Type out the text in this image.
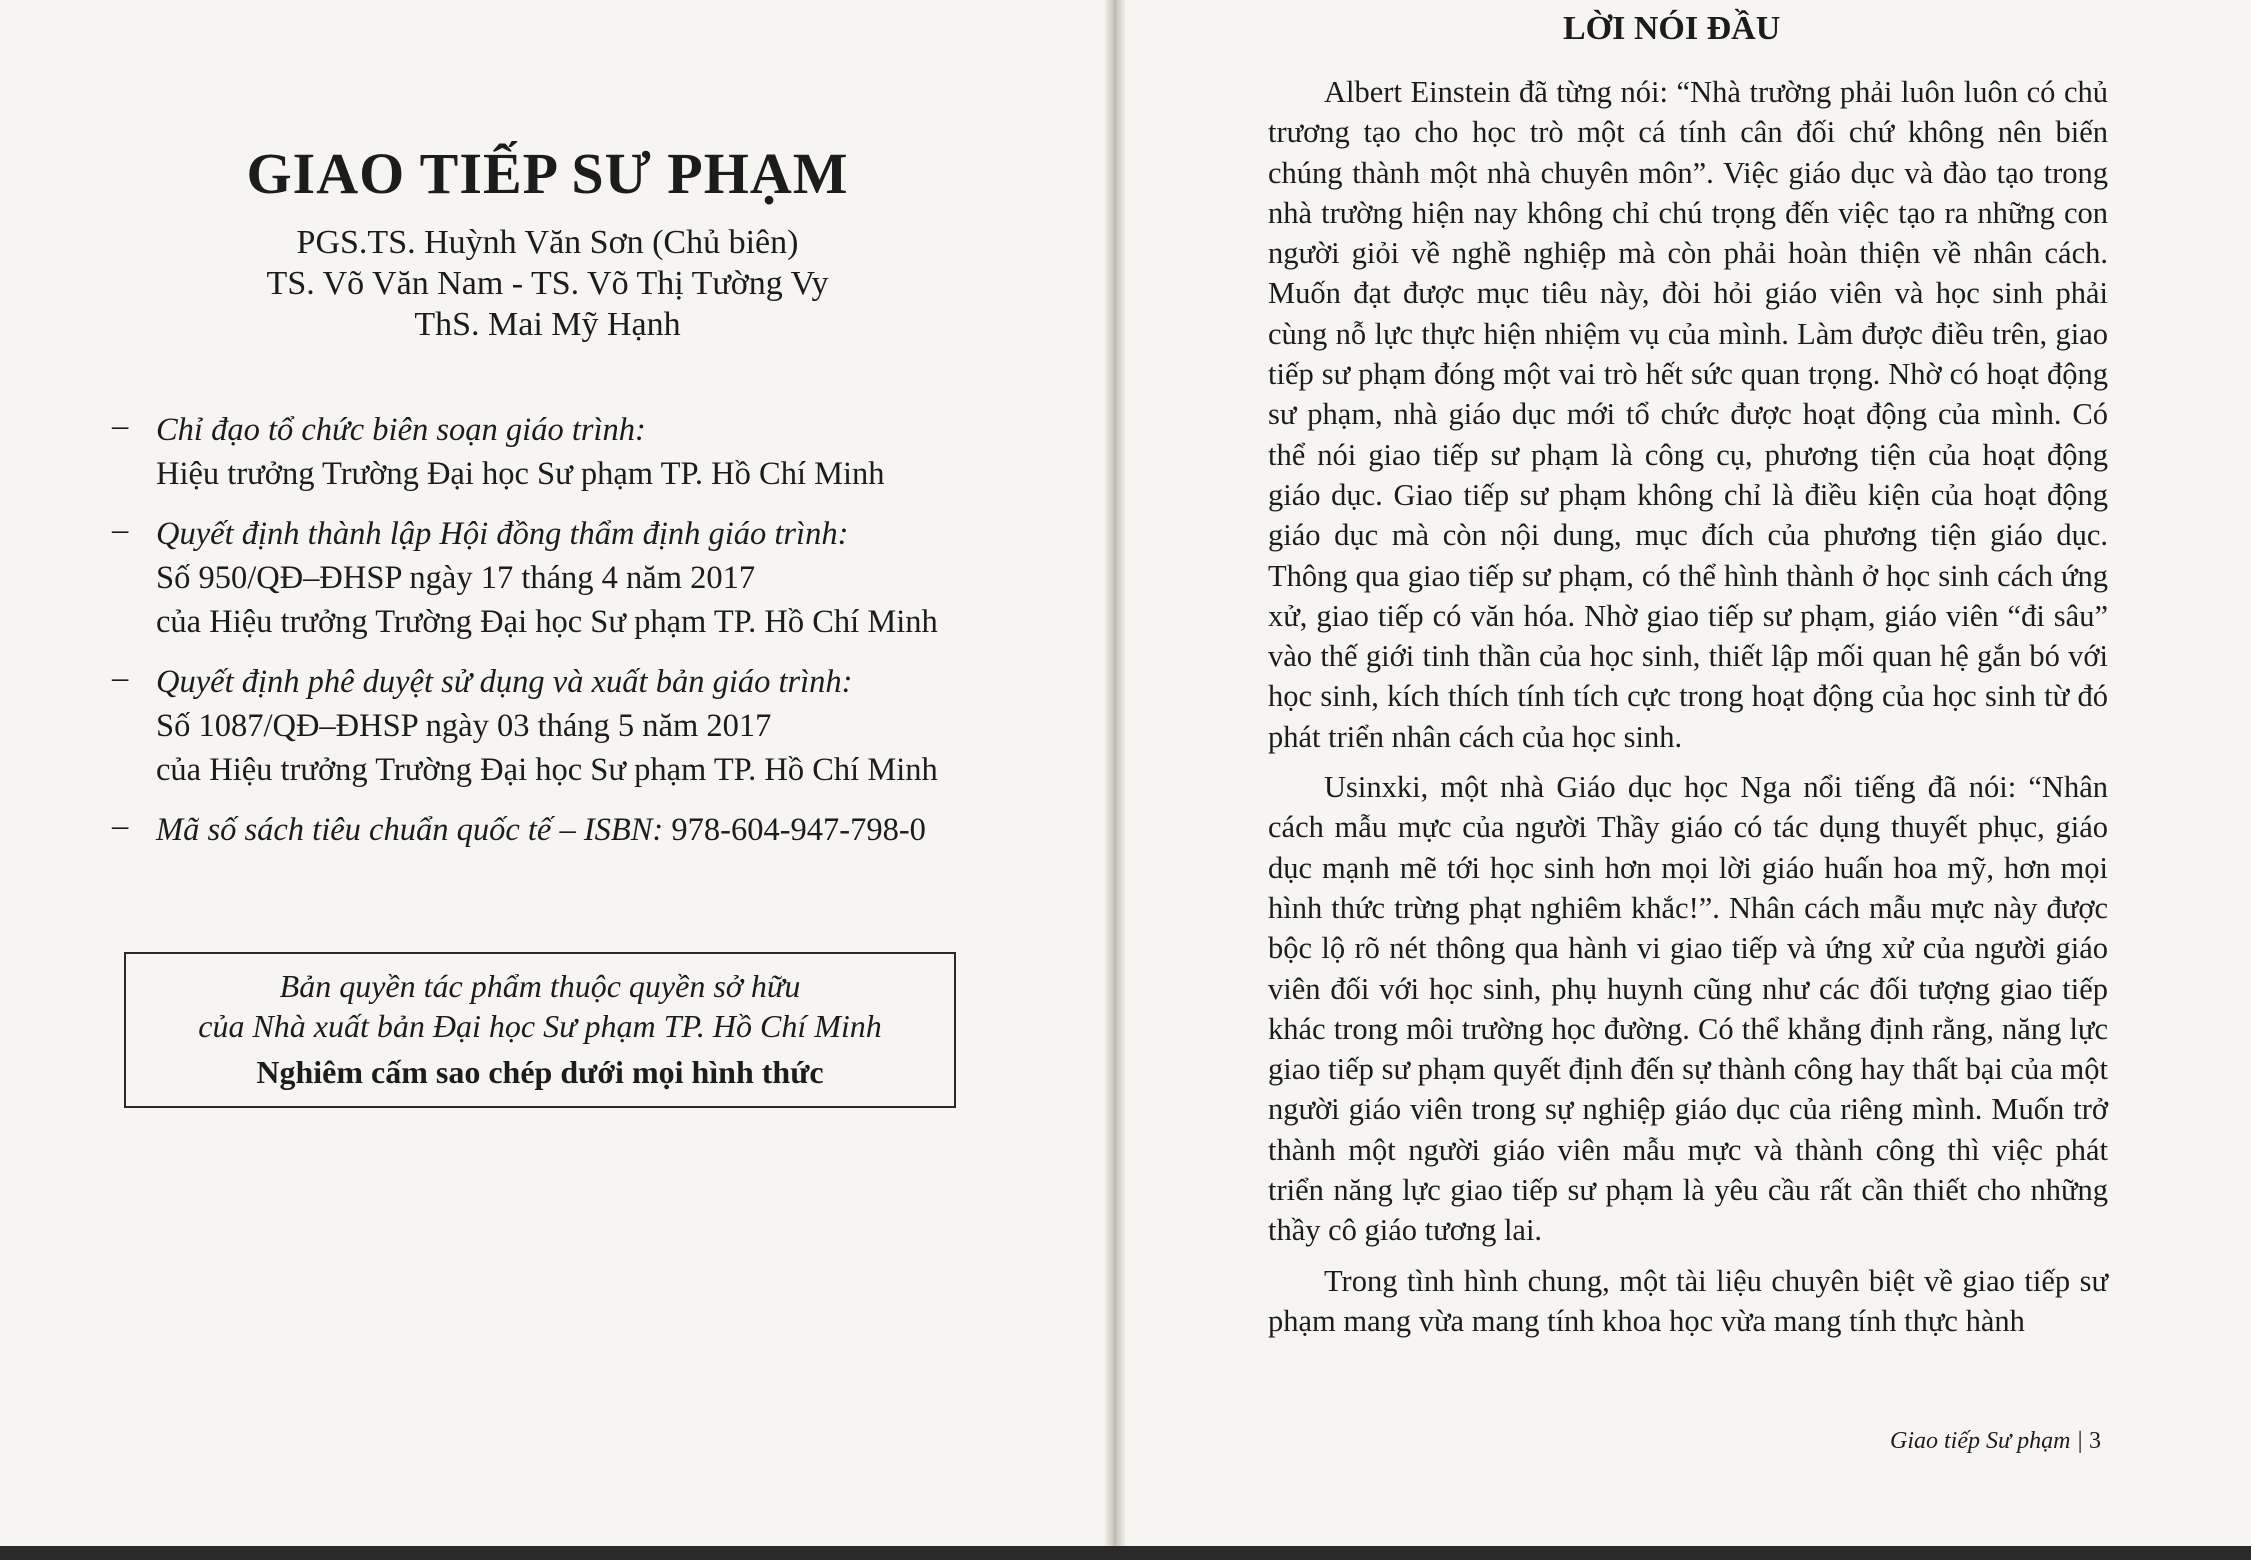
GIAO TIẾP SƯ PHẠM
PGS.TS. Huỳnh Văn Sơn (Chủ biên)
TS. Võ Văn Nam - TS. Võ Thị Tường Vy
ThS. Mai Mỹ Hạnh
– Chỉ đạo tổ chức biên soạn giáo trình:
Hiệu trưởng Trường Đại học Sư phạm TP. Hồ Chí Minh
– Quyết định thành lập Hội đồng thẩm định giáo trình:
Số 950/QĐ–ĐHSP ngày 17 tháng 4 năm 2017
của Hiệu trưởng Trường Đại học Sư phạm TP. Hồ Chí Minh
– Quyết định phê duyệt sử dụng và xuất bản giáo trình:
Số 1087/QĐ–ĐHSP ngày 03 tháng 5 năm 2017
của Hiệu trưởng Trường Đại học Sư phạm TP. Hồ Chí Minh
– Mã số sách tiêu chuẩn quốc tế – ISBN: 978-604-947-798-0
Bản quyền tác phẩm thuộc quyền sở hữu
của Nhà xuất bản Đại học Sư phạm TP. Hồ Chí Minh
Nghiêm cấm sao chép dưới mọi hình thức
LỜI NÓI ĐẦU

Albert Einstein đã từng nói: “Nhà trường phải luôn luôn có chủ trương tạo cho học trò một cá tính cân đối chứ không nên biến chúng thành một nhà chuyên môn”. Việc giáo dục và đào tạo trong nhà trường hiện nay không chỉ chú trọng đến việc tạo ra những con người giỏi về nghề nghiệp mà còn phải hoàn thiện về nhân cách. Muốn đạt được mục tiêu này, đòi hỏi giáo viên và học sinh phải cùng nỗ lực thực hiện nhiệm vụ của mình. Làm được điều trên, giao tiếp sư phạm đóng một vai trò hết sức quan trọng. Nhờ có hoạt động sư phạm, nhà giáo dục mới tổ chức được hoạt động của mình. Có thể nói giao tiếp sư phạm là công cụ, phương tiện của hoạt động giáo dục. Giao tiếp sư phạm không chỉ là điều kiện của hoạt động giáo dục mà còn nội dung, mục đích của phương tiện giáo dục. Thông qua giao tiếp sư phạm, có thể hình thành ở học sinh cách ứng xử, giao tiếp có văn hóa. Nhờ giao tiếp sư phạm, giáo viên “đi sâu” vào thế giới tinh thần của học sinh, thiết lập mối quan hệ gắn bó với học sinh, kích thích tính tích cực trong hoạt động của học sinh từ đó phát triển nhân cách của học sinh.

Usinxki, một nhà Giáo dục học Nga nổi tiếng đã nói: “Nhân cách mẫu mực của người Thầy giáo có tác dụng thuyết phục, giáo dục mạnh mẽ tới học sinh hơn mọi lời giáo huấn hoa mỹ, hơn mọi hình thức trừng phạt nghiêm khắc!”. Nhân cách mẫu mực này được bộc lộ rõ nét thông qua hành vi giao tiếp và ứng xử của người giáo viên đối với học sinh, phụ huynh cũng như các đối tượng giao tiếp khác trong môi trường học đường. Có thể khẳng định rằng, năng lực giao tiếp sư phạm quyết định đến sự thành công hay thất bại của một người giáo viên trong sự nghiệp giáo dục của riêng mình. Muốn trở thành một người giáo viên mẫu mực và thành công thì việc phát triển năng lực giao tiếp sư phạm là yêu cầu rất cần thiết cho những thầy cô giáo tương lai.

Trong tình hình chung, một tài liệu chuyên biệt về giao tiếp sư phạm mang vừa mang tính khoa học vừa mang tính thực hành

Giao tiếp Sư phạm | 3
